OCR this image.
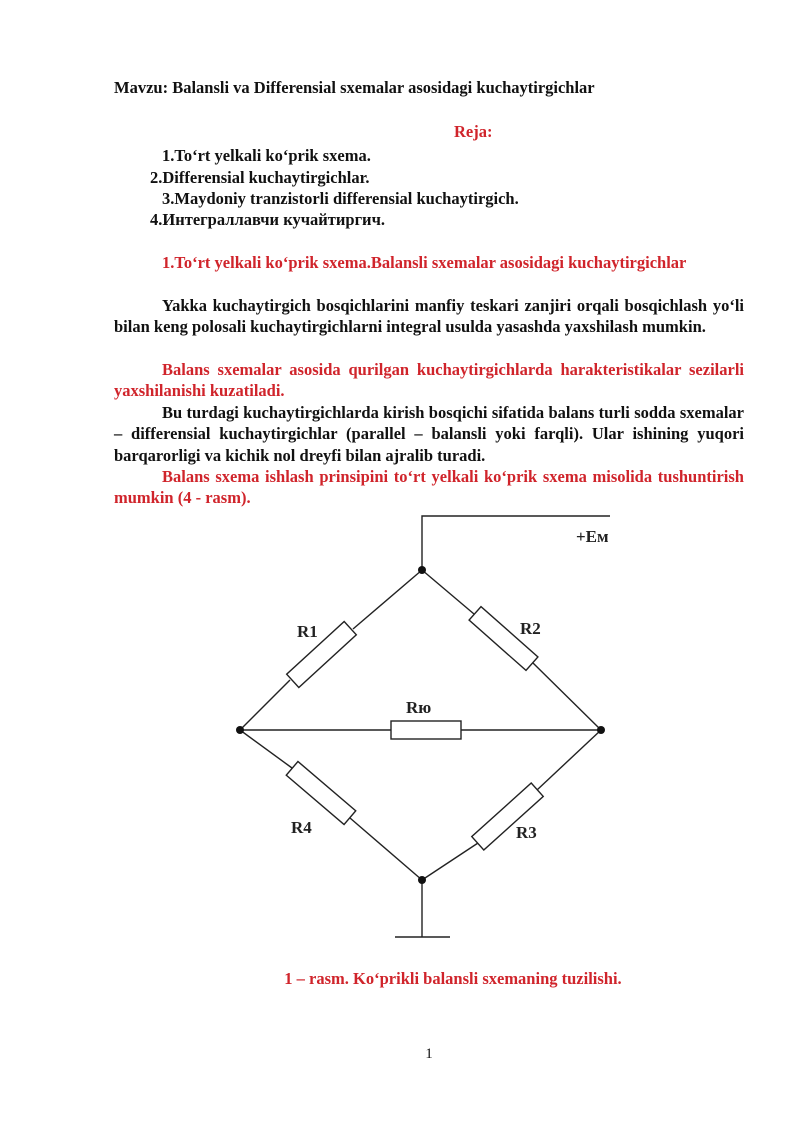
Mavzu: Balansli va Differensial sxemalar asosidagi kuchaytirgichlar
Reja:
1.To‘rt yelkali ko‘prik sxema.
2.Differensial kuchaytirgichlar.
3.Maydoniy tranzistorli differensial kuchaytirgich.
4.Интеграллавчи кучайтиргич.
1.To‘rt yelkali ko‘prik sxema.Balansli sxemalar asosidagi kuchaytirgichlar
Yakka kuchaytirgich bosqichlarini manfiy teskari zanjiri orqali bosqichlash yo‘li bilan keng polosali kuchaytirgichlarni integral usulda yasashda yaxshilash mumkin.
Balans sxemalar asosida qurilgan kuchaytirgichlarda harakteristikalar sezilarli yaxshilanishi kuzatiladi.
Bu turdagi kuchaytirgichlarda kirish bosqichi sifatida balans turli sodda sxemalar – differensial kuchaytirgichlar (parallel – balansli yoki farqli). Ular ishining yuqori barqarorligi va kichik nol dreyfi bilan ajralib turadi.
Balans sxema ishlash prinsipini to‘rt yelkali ko‘prik sxema misolida tushuntirish mumkin (4 - rasm).
+Eм
R1	R2
Rю
R4	R3
1 – rasm. Ko‘prikli balansli sxemaning tuzilishi.
1
